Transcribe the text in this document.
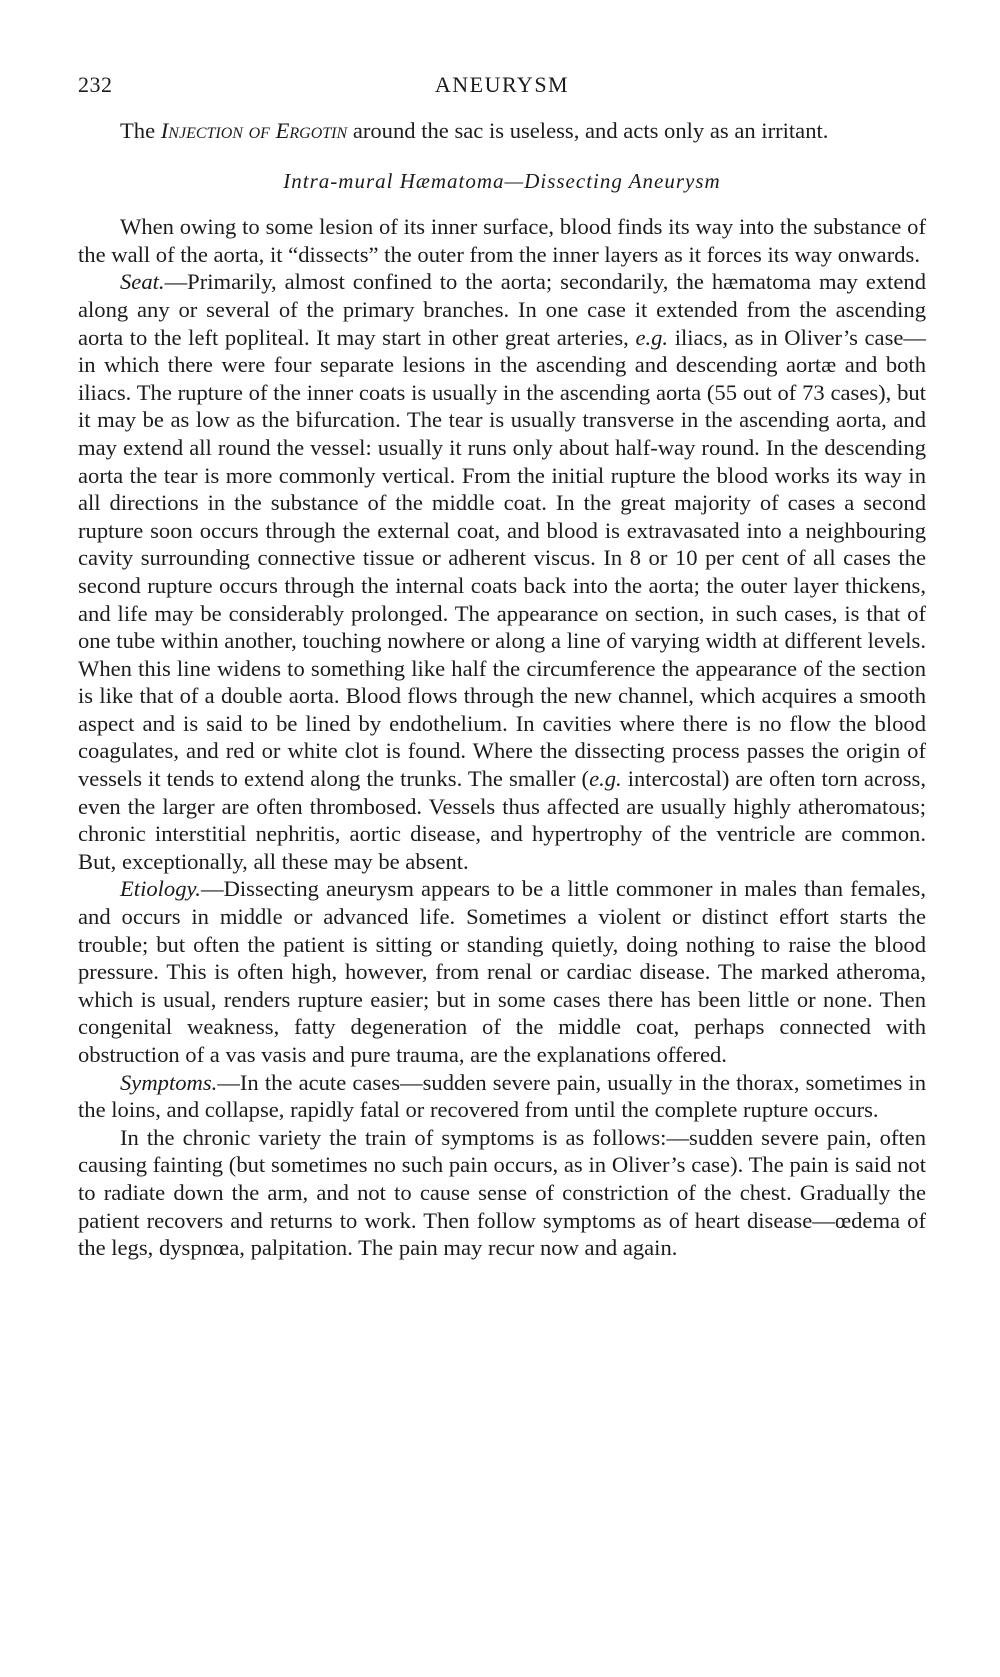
232	ANEURYSM

The Injection of Ergotin around the sac is useless, and acts only as an irritant.

Intra-mural Hæmatoma—Dissecting Aneurysm

When owing to some lesion of its inner surface, blood finds its way into the substance of the wall of the aorta, it “dissects” the outer from the inner layers as it forces its way onwards.

Seat.—Primarily, almost confined to the aorta; secondarily, the hæmatoma may extend along any or several of the primary branches. In one case it extended from the ascending aorta to the left popliteal. It may start in other great arteries, e.g. iliacs, as in Oliver’s case—in which there were four separate lesions in the ascending and descending aortæ and both iliacs. The rupture of the inner coats is usually in the ascending aorta (55 out of 73 cases), but it may be as low as the bifurcation. The tear is usually transverse in the ascending aorta, and may extend all round the vessel: usually it runs only about half-way round. In the descending aorta the tear is more commonly vertical. From the initial rupture the blood works its way in all directions in the substance of the middle coat. In the great majority of cases a second rupture soon occurs through the external coat, and blood is extravasated into a neighbouring cavity surrounding connective tissue or adherent viscus. In 8 or 10 per cent of all cases the second rupture occurs through the internal coats back into the aorta; the outer layer thickens, and life may be considerably prolonged. The appearance on section, in such cases, is that of one tube within another, touching nowhere or along a line of varying width at different levels. When this line widens to something like half the circumference the appearance of the section is like that of a double aorta. Blood flows through the new channel, which acquires a smooth aspect and is said to be lined by endothelium. In cavities where there is no flow the blood coagulates, and red or white clot is found. Where the dissecting process passes the origin of vessels it tends to extend along the trunks. The smaller (e.g. intercostal) are often torn across, even the larger are often thrombosed. Vessels thus affected are usually highly atheromatous; chronic interstitial nephritis, aortic disease, and hypertrophy of the ventricle are common. But, exceptionally, all these may be absent.

Etiology.—Dissecting aneurysm appears to be a little commoner in males than females, and occurs in middle or advanced life. Sometimes a violent or distinct effort starts the trouble; but often the patient is sitting or standing quietly, doing nothing to raise the blood pressure. This is often high, however, from renal or cardiac disease. The marked atheroma, which is usual, renders rupture easier; but in some cases there has been little or none. Then congenital weakness, fatty degeneration of the middle coat, perhaps connected with obstruction of a vas vasis and pure trauma, are the explanations offered.

Symptoms.—In the acute cases—sudden severe pain, usually in the thorax, sometimes in the loins, and collapse, rapidly fatal or recovered from until the complete rupture occurs.

In the chronic variety the train of symptoms is as follows:—sudden severe pain, often causing fainting (but sometimes no such pain occurs, as in Oliver’s case). The pain is said not to radiate down the arm, and not to cause sense of constriction of the chest. Gradually the patient recovers and returns to work. Then follow symptoms as of heart disease—œdema of the legs, dyspnœa, palpitation. The pain may recur now and again.
